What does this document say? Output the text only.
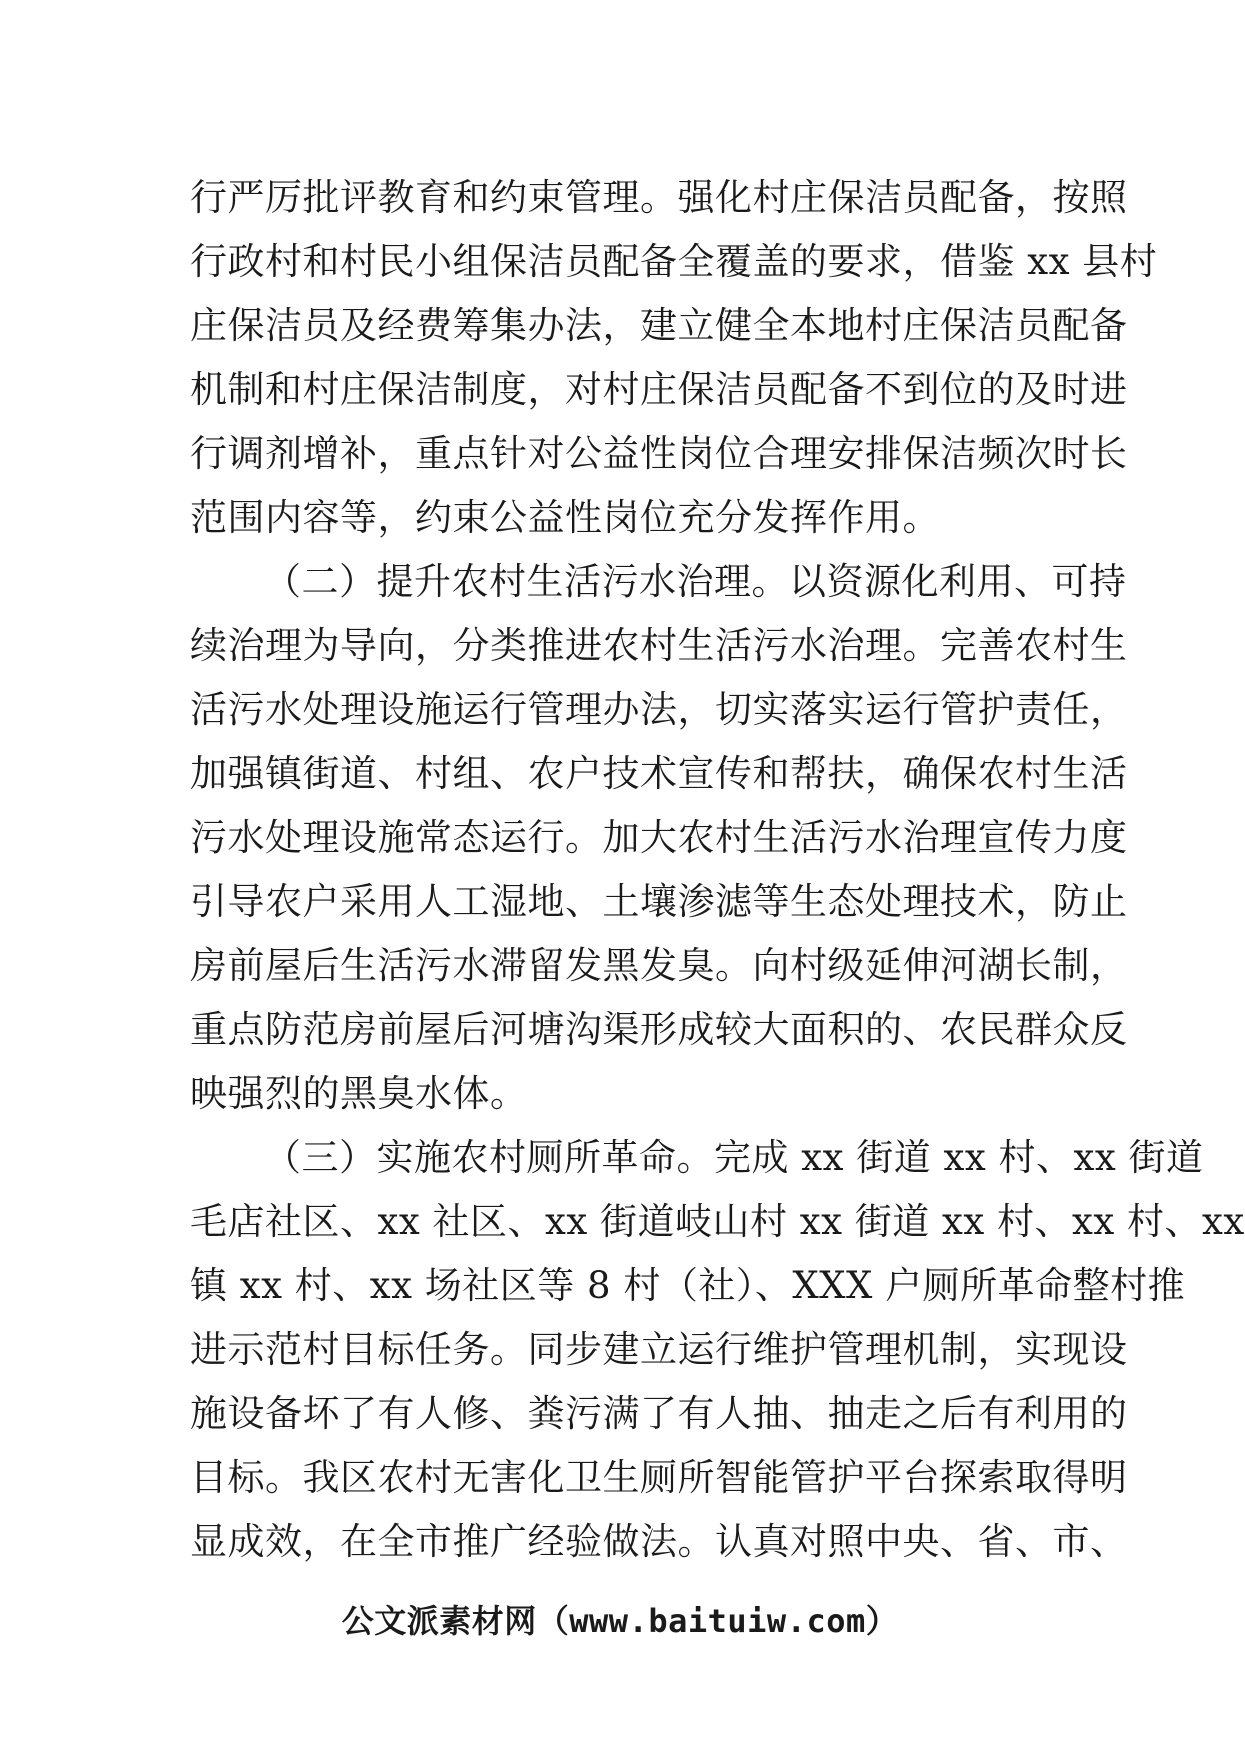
行严厉批评教育和约束管理。强化村庄保洁员配备，按照
行政村和村民小组保洁员配备全覆盖的要求，借鉴 xx 县村
庄保洁员及经费筹集办法，建立健全本地村庄保洁员配备
机制和村庄保洁制度，对村庄保洁员配备不到位的及时进
行调剂增补，重点针对公益性岗位合理安排保洁频次时长
范围内容等，约束公益性岗位充分发挥作用。
（二）提升农村生活污水治理。以资源化利用、可持
续治理为导向，分类推进农村生活污水治理。完善农村生
活污水处理设施运行管理办法，切实落实运行管护责任，
加强镇街道、村组、农户技术宣传和帮扶，确保农村生活
污水处理设施常态运行。加大农村生活污水治理宣传力度
引导农户采用人工湿地、土壤渗滤等生态处理技术，防止
房前屋后生活污水滞留发黑发臭。向村级延伸河湖长制，
重点防范房前屋后河塘沟渠形成较大面积的、农民群众反
映强烈的黑臭水体。
（三）实施农村厕所革命。完成 xx 街道 xx 村、xx 街道
毛店社区、xx 社区、xx 街道岐山村 xx 街道 xx 村、xx 村、xx
镇 xx 村、xx 场社区等 8 村（社）、XXX 户厕所革命整村推
进示范村目标任务。同步建立运行维护管理机制，实现设
施设备坏了有人修、粪污满了有人抽、抽走之后有利用的
目标。我区农村无害化卫生厕所智能管护平台探索取得明
显成效，在全市推广经验做法。认真对照中央、省、市、
公文派素材网（www.baituiw.com）
